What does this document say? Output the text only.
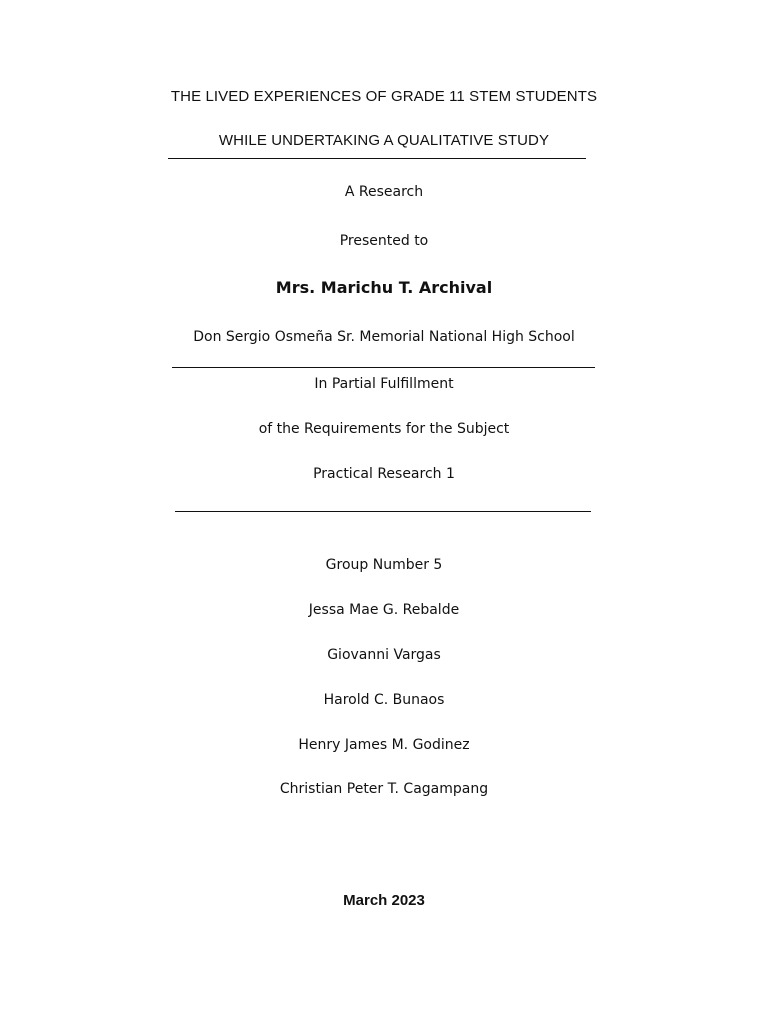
THE LIVED EXPERIENCES OF GRADE 11 STEM STUDENTS
WHILE UNDERTAKING A QUALITATIVE STUDY
A Research
Presented to
Mrs. Marichu T. Archival
Don Sergio Osmeña Sr. Memorial National High School
In Partial Fulfillment
of the Requirements for the Subject
Practical Research 1
Group Number 5
Jessa Mae G. Rebalde
Giovanni Vargas
Harold C. Bunaos
Henry James M. Godinez
Christian Peter T. Cagampang
March 2023
